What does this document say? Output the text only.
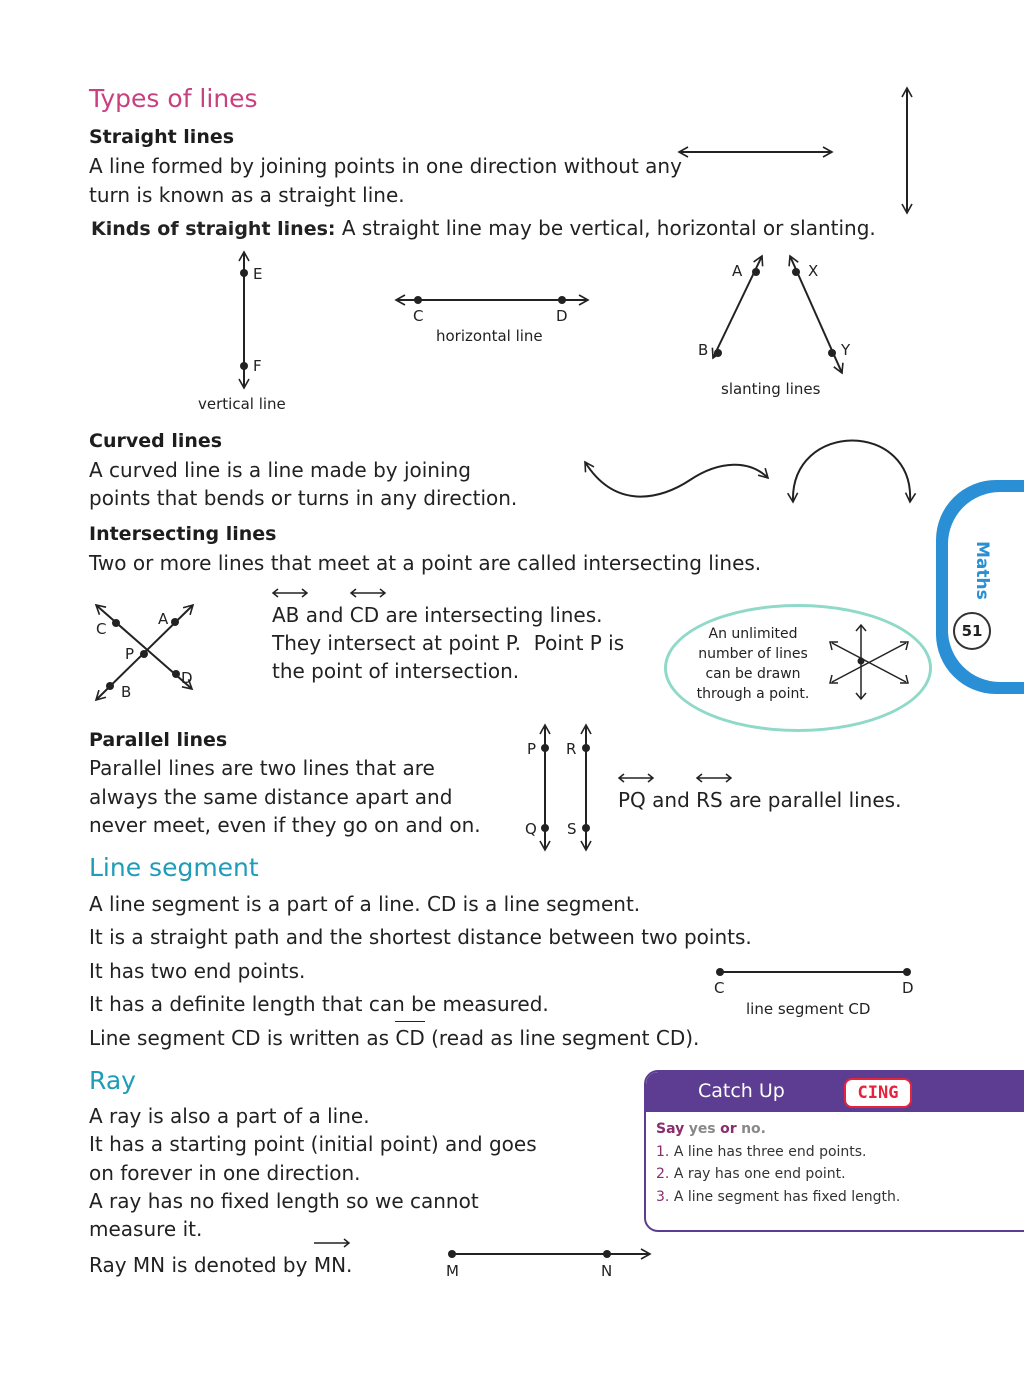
Types of lines
Straight lines
A line formed by joining points in one direction without any
turn is known as a straight line.
Kinds of straight lines: A straight line may be vertical, horizontal or slanting.
E
F
vertical line
C	D
horizontal line
A	X
B	Y
slanting lines
Curved lines
A curved line is a line made by joining
points that bends or turns in any direction.
Intersecting lines
Two or more lines that meet at a point are called intersecting lines.
AB and
CD are intersecting lines.
They intersect at point P.  Point P is
the point of intersection.
C
A
P
B
D
An unlimited
number of lines
can be drawn
through a point.
Parallel lines
Parallel lines are two lines that are
always the same distance apart and
never meet, even if they go on and on.
P R
Q S
PQ and
RS are parallel lines.
Line segment
A line segment is a part of a line. CD is a line segment.
It is a straight path and the shortest distance between two points.
It has two end points.
It has a definite length that can be measured.
Line segment CD is written as
CD (read as line segment CD).
C	D
line segment CD
Ray
A ray is also a part of a line.
It has a starting point (initial point) and goes
on forever in one direction.
A ray has no fixed length so we cannot
measure it.
Ray MN is denoted by
MN.	M	N
Catch Up	CING
Say yes or no.
1. A line has three end points.
2. A ray has one end point.
3. A line segment has fixed length.
Maths
51
